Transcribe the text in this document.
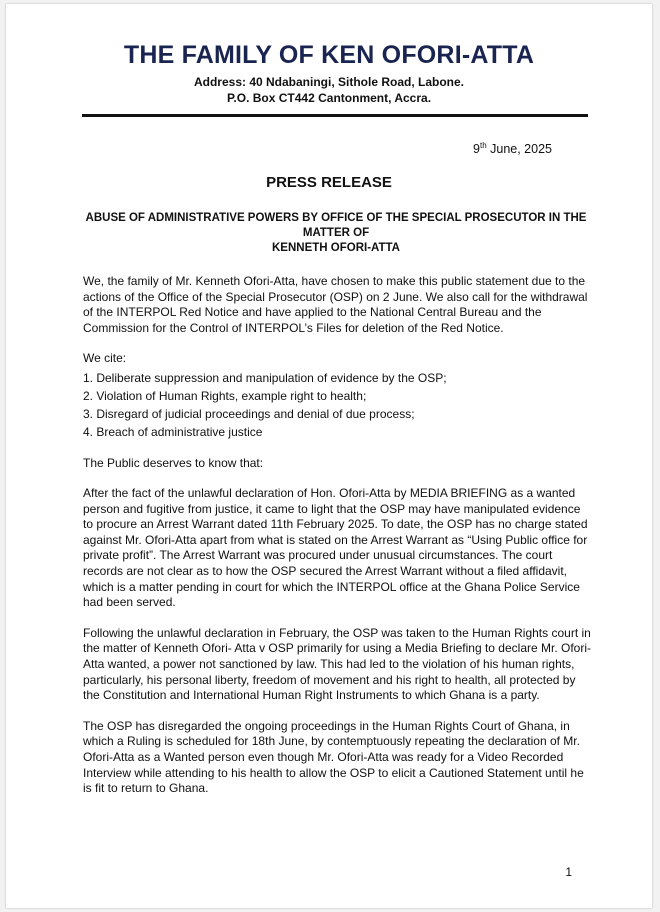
THE FAMILY OF KEN OFORI-ATTA
Address: 40 Ndabaningi, Sithole Road, Labone.
P.O. Box CT442 Cantonment, Accra.
9th June, 2025
PRESS RELEASE
ABUSE OF ADMINISTRATIVE POWERS BY OFFICE OF THE SPECIAL PROSECUTOR IN THE MATTER OF
KENNETH OFORI-ATTA

We, the family of Mr. Kenneth Ofori-Atta, have chosen to make this public statement due to the actions of the Office of the Special Prosecutor (OSP) on 2 June. We also call for the withdrawal of the INTERPOL Red Notice and have applied to the National Central Bureau and the Commission for the Control of INTERPOL’s Files for deletion of the Red Notice.

We cite:

1. Deliberate suppression and manipulation of evidence by the OSP;
2. Violation of Human Rights, example right to health;
3. Disregard of judicial proceedings and denial of due process;
4. Breach of administrative justice

The Public deserves to know that:

After the fact of the unlawful declaration of Hon. Ofori-Atta by MEDIA BRIEFING as a wanted person and fugitive from justice, it came to light that the OSP may have manipulated evidence to procure an Arrest Warrant dated 11th February 2025. To date, the OSP has no charge stated against Mr. Ofori-Atta apart from what is stated on the Arrest Warrant as “Using Public office for private profit”. The Arrest Warrant was procured under unusual circumstances. The court records are not clear as to how the OSP secured the Arrest Warrant without a filed affidavit, which is a matter pending in court for which the INTERPOL office at the Ghana Police Service had been served.

Following the unlawful declaration in February, the OSP was taken to the Human Rights court in the matter of Kenneth Ofori- Atta v OSP primarily for using a Media Briefing to declare Mr. Ofori-Atta wanted, a power not sanctioned by law. This had led to the violation of his human rights, particularly, his personal liberty, freedom of movement and his right to health, all protected by the Constitution and International Human Right Instruments to which Ghana is a party.

The OSP has disregarded the ongoing proceedings in the Human Rights Court of Ghana, in which a Ruling is scheduled for 18th June, by contemptuously repeating the declaration of Mr. Ofori-Atta as a Wanted person even though Mr. Ofori-Atta was ready for a Video Recorded Interview while attending to his health to allow the OSP to elicit a Cautioned Statement until he is fit to return to Ghana.

1
